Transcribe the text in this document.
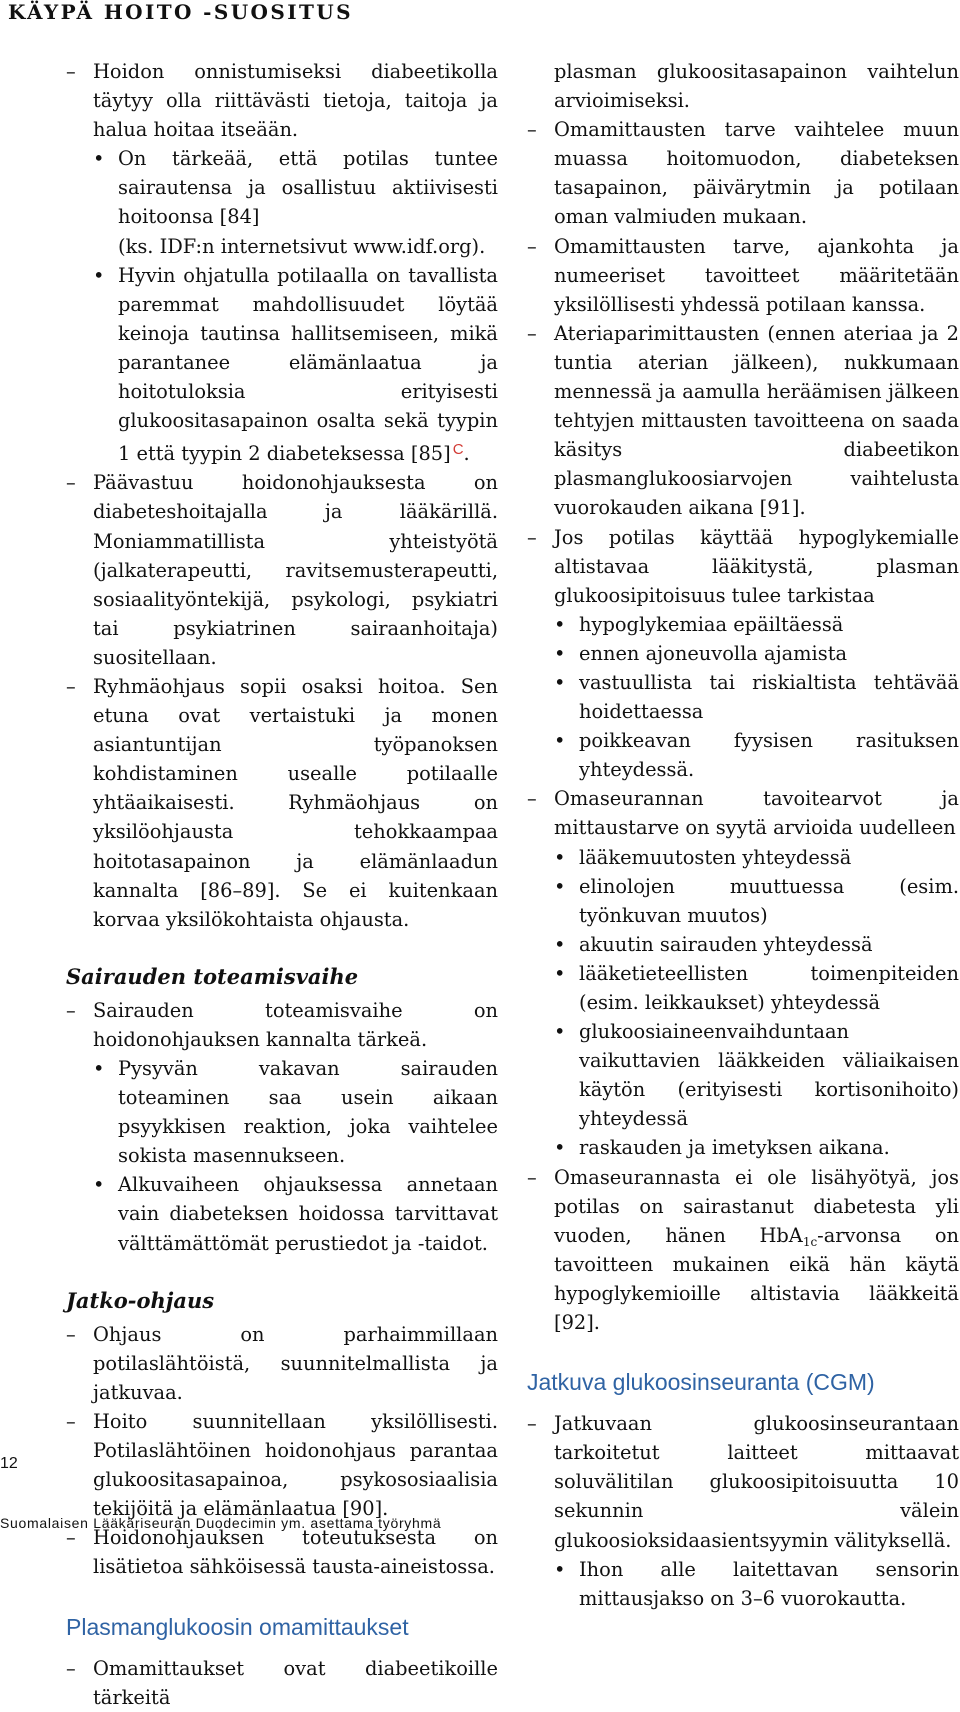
KÄYPÄ HOITO -SUOSITUS

– Hoidon onnistumiseksi diabeetikolla täytyy olla riittävästi tietoja, taitoja ja halua hoitaa itseään.

• On tärkeää, että potilas tuntee sairautensa ja osallistuu aktiivisesti hoitoonsa [84]
(ks. IDF:n internetsivut www.idf.org).

• Hyvin ohjatulla potilaalla on tavallista paremmat mahdollisuudet löytää keinoja tautinsa hallitsemiseen, mikä parantanee elämänlaatua ja hoitotuloksia erityisesti glukoositasapainon osalta sekä tyypin 1 että tyypin 2 diabeteksessa [85] $^C$.

– Päävastuu hoidonohjauksesta on diabeteshoitajalla ja lääkärillä. Moniammatillista yhteistyötä (jalkaterapeutti, ravitsemusterapeutti, sosiaalityöntekijä, psykologi, psykiatri tai psykiatrinen sairaanhoitaja) suositellaan.

– Ryhmäohjaus sopii osaksi hoitoa. Sen etuna ovat vertaistuki ja monen asiantuntijan työpanoksen kohdistaminen usealle potilaalle yhtäaikaisesti. Ryhmäohjaus on yksilöohjausta tehokkaampaa hoitotasapainon ja elämänlaadun kannalta [86–89]. Se ei kuitenkaan korvaa yksilökohtaista ohjausta.

Sairauden toteamisvaihe

– Sairauden toteamisvaihe on hoidonohjauksen kannalta tärkeä.

• Pysyvän vakavan sairauden toteaminen saa usein aikaan psyykkisen reaktion, joka vaihtelee sokista masennukseen.

• Alkuvaiheen ohjauksessa annetaan vain diabeteksen hoidossa tarvittavat välttämättömät perustiedot ja -taidot.

Jatko-ohjaus

– Ohjaus on parhaimmillaan potilaslähtöistä, suunnitelmallista ja jatkuvaa.

– Hoito suunnitellaan yksilöllisesti. Potilaslähtöinen hoidonohjaus parantaa glukoositasapainoa, psykososiaalisia tekijöitä ja elämänlaatua [90].

– Hoidonohjauksen toteutuksesta on lisätietoa sähköisessä tausta-aineistossa.

Plasmanglukoosin omamittaukset

– Omamittaukset ovat diabeetikoille tärkeitä

plasman glukoositasapainon vaihtelun arvioimiseksi.

– Omamittausten tarve vaihtelee muun muassa hoitomuodon, diabeteksen tasapainon, päivärytmin ja potilaan oman valmiuden mukaan.

– Omamittausten tarve, ajankohta ja numeeriset tavoitteet määritetään yksilöllisesti yhdessä potilaan kanssa.

– Ateriaparimittausten (ennen ateriaa ja 2 tuntia aterian jälkeen), nukkumaan mennessä ja aamulla heräämisen jälkeen tehtyjen mittausten tavoitteena on saada käsitys diabeetikon plasmanglukoosiarvojen vaihtelusta vuorokauden aikana [91].

– Jos potilas käyttää hypoglykemialle altistavaa lääkitystä, plasman glukoosipitoisuus tulee tarkistaa

• hypoglykemiaa epäiltäessä

• ennen ajoneuvolla ajamista

• vastuullista tai riskialtista tehtävää hoidettaessa

• poikkeavan fyysisen rasituksen yhteydessä.

– Omaseurannan tavoitearvot ja mittaustarve on syytä arvioida uudelleen

• lääkemuutosten yhteydessä

• elinolojen muuttuessa (esim. työnkuvan muutos)

• akuutin sairauden yhteydessä

• lääketieteellisten toimenpiteiden (esim. leikkaukset) yhteydessä

• glukoosiaineenvaihduntaan vaikuttavien lääkkeiden väliaikaisen käytön (erityisesti kortisonihoito) yhteydessä

• raskauden ja imetyksen aikana.

– Omaseurannasta ei ole lisähyötyä, jos potilas on sairastanut diabetesta yli vuoden, hänen HbA$_{1c}$-arvonsa on tavoitteen mukainen eikä hän käytä hypoglykemioille altistavia lääkkeitä [92].

Jatkuva glukoosinseuranta (CGM)

– Jatkuvaan glukoosinseurantaan tarkoitetut laitteet mittaavat soluvälitilan glukoosipitoisuutta 10 sekunnin välein glukoosioksidaasientsyymin välityksellä.

• Ihon alle laitettavan sensorin mittausjakso on 3–6 vuorokautta.

12
Suomalaisen Lääkäriseuran Duodecimin ym. asettama työryhmä
